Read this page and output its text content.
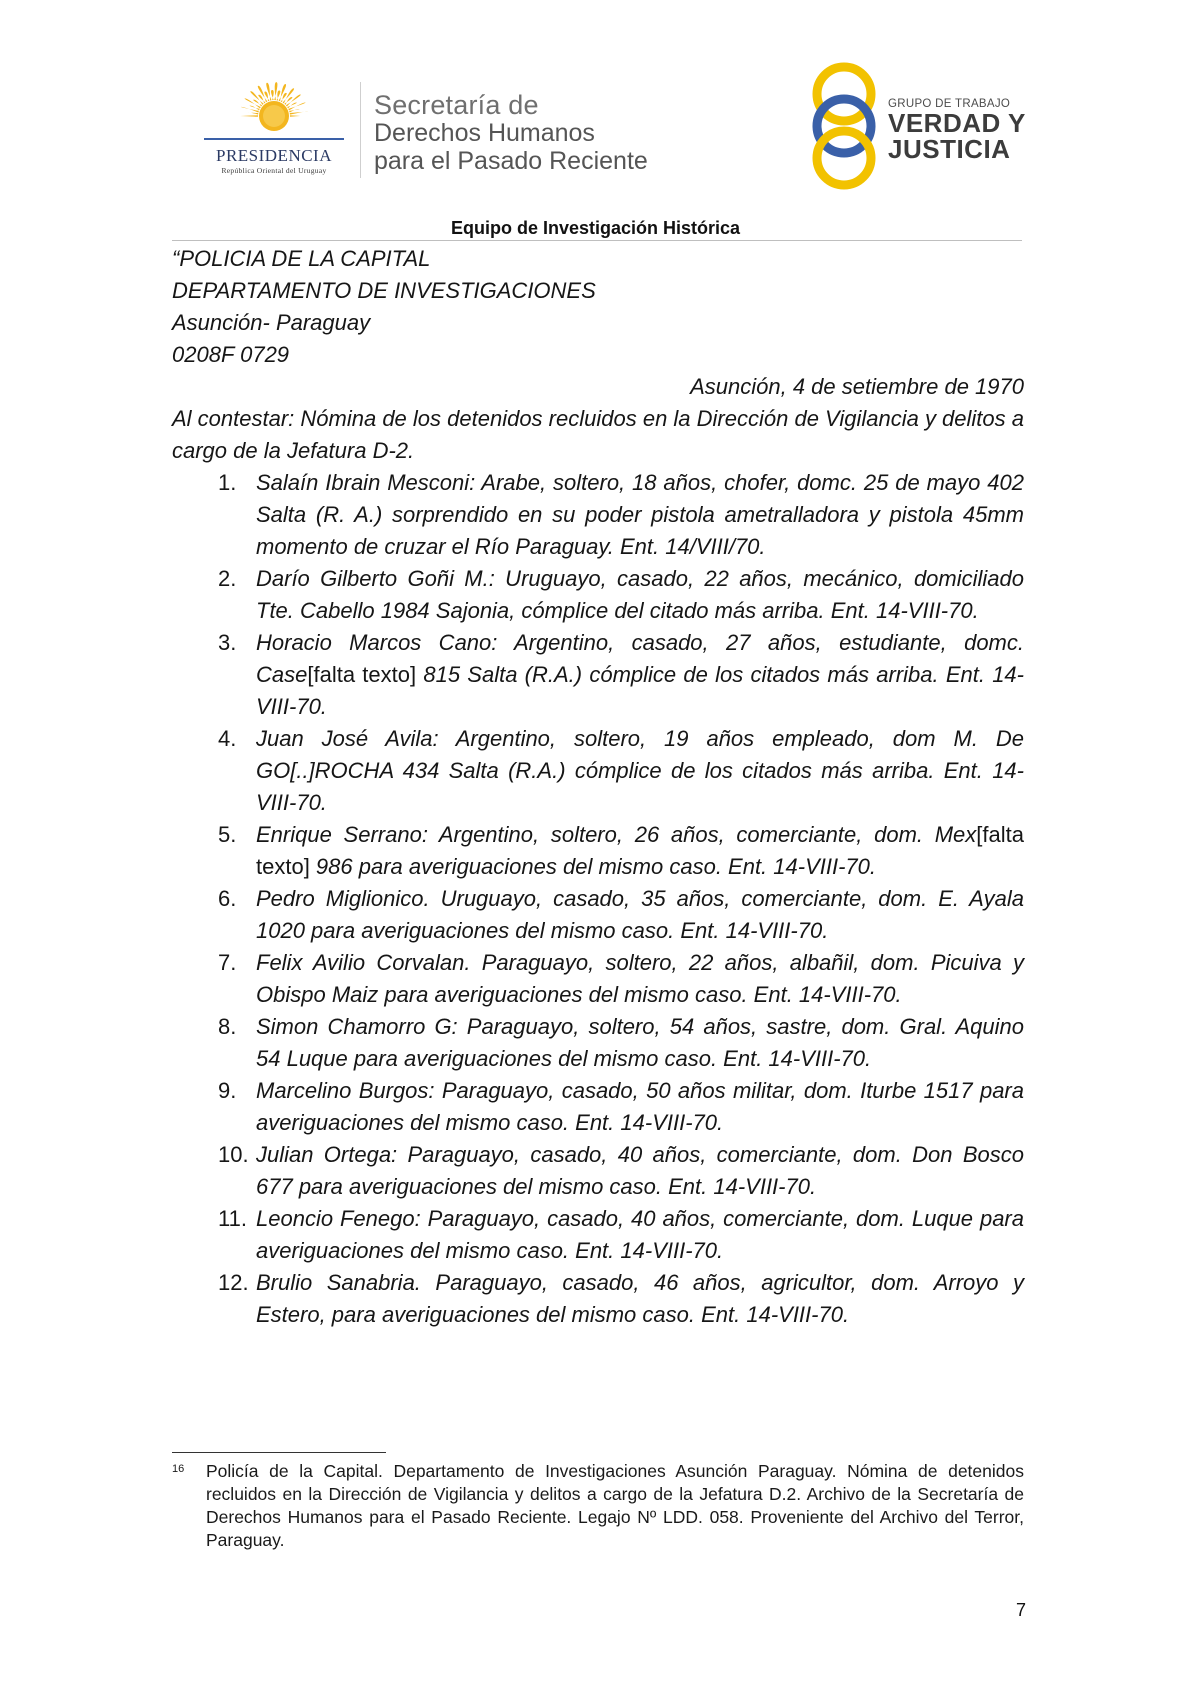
PRESIDENCIA
República Oriental del Uruguay
Secretaría de
Derechos Humanos
para el Pasado Reciente
GRUPO DE TRABAJO
VERDAD Y
JUSTICIA
Equipo de Investigación Histórica

“POLICIA DE LA CAPITAL

DEPARTAMENTO DE INVESTIGACIONES

Asunción- Paraguay

0208F 0729

Asunción, 4 de setiembre de 1970

Al contestar: Nómina de los detenidos recluidos en la Dirección de Vigilancia y delitos a cargo de la Jefatura D-2.

1. Salaín Ibrain Mesconi: Arabe, soltero, 18 años, chofer, domc. 25 de mayo 402 Salta (R. A.) sorprendido en su poder pistola ametralladora y pistola 45mm momento de cruzar el Río Paraguay. Ent. 14/VIII/70.
2. Darío Gilberto Goñi M.: Uruguayo, casado, 22 años, mecánico, domiciliado Tte. Cabello 1984 Sajonia, cómplice del citado más arriba. Ent. 14-VIII-70.
3. Horacio Marcos Cano: Argentino, casado, 27 años, estudiante, domc. Case[falta texto] 815 Salta (R.A.) cómplice de los citados más arriba. Ent. 14-VIII-70.
4. Juan José Avila: Argentino, soltero, 19 años empleado, dom M. De GO[..]ROCHA 434 Salta (R.A.) cómplice de los citados más arriba. Ent. 14-VIII-70.
5. Enrique Serrano: Argentino, soltero, 26 años, comerciante, dom. Mex[falta texto] 986 para averiguaciones del mismo caso. Ent. 14-VIII-70.
6. Pedro Miglionico. Uruguayo, casado, 35 años, comerciante, dom. E. Ayala 1020 para averiguaciones del mismo caso. Ent. 14-VIII-70.
7. Felix Avilio Corvalan. Paraguayo, soltero, 22 años, albañil, dom. Picuiva y Obispo Maiz para averiguaciones del mismo caso. Ent. 14-VIII-70.
8. Simon Chamorro G: Paraguayo, soltero, 54 años, sastre, dom. Gral. Aquino 54 Luque para averiguaciones del mismo caso. Ent. 14-VIII-70.
9. Marcelino Burgos: Paraguayo, casado, 50 años militar, dom. Iturbe 1517 para averiguaciones del mismo caso. Ent. 14-VIII-70.
10. Julian Ortega: Paraguayo, casado, 40 años, comerciante, dom. Don Bosco 677 para averiguaciones del mismo caso. Ent. 14-VIII-70.
11. Leoncio Fenego: Paraguayo, casado, 40 años, comerciante, dom. Luque para averiguaciones del mismo caso. Ent. 14-VIII-70.
12. Brulio Sanabria. Paraguayo, casado, 46 años, agricultor, dom. Arroyo y Estero, para averiguaciones del mismo caso. Ent. 14-VIII-70.
16 Policía de la Capital. Departamento de Investigaciones Asunción Paraguay. Nómina de detenidos recluidos en la Dirección de Vigilancia y delitos a cargo de la Jefatura D.2. Archivo de la Secretaría de Derechos Humanos para el Pasado Reciente. Legajo Nº LDD. 058. Proveniente del Archivo del Terror, Paraguay.
7
